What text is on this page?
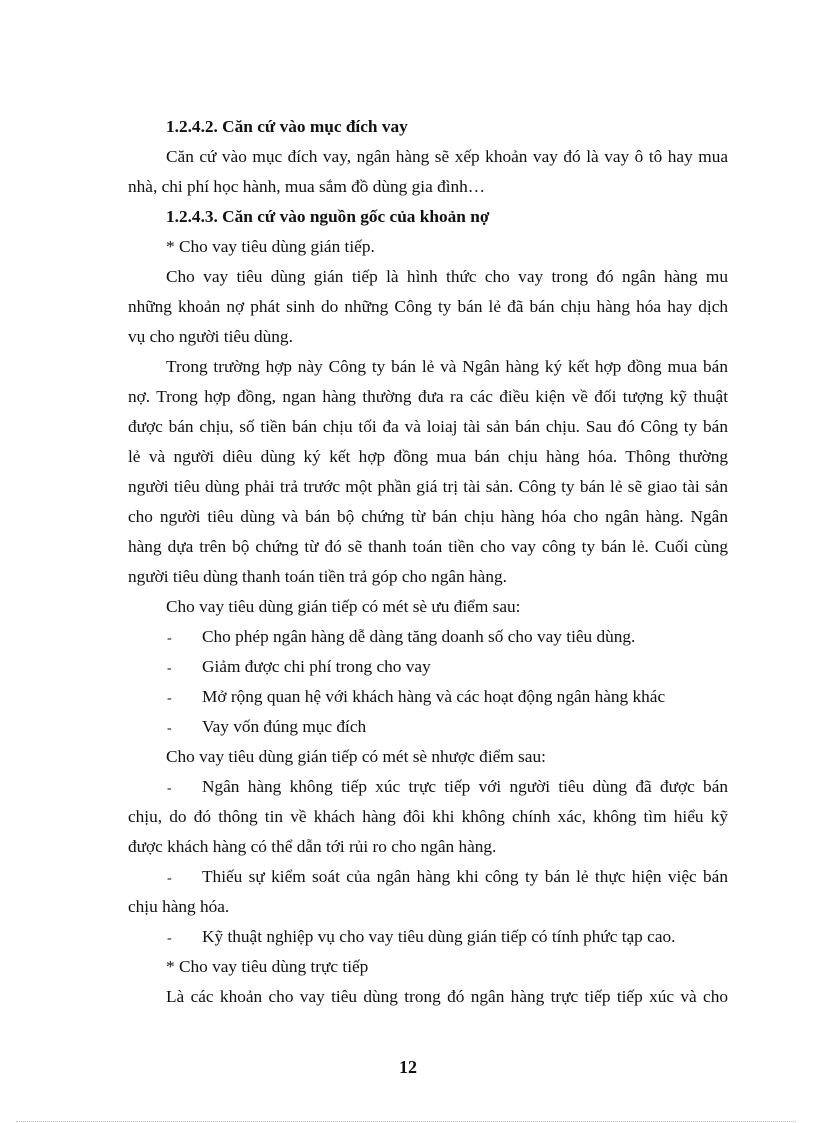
1.2.4.2. Căn cứ vào mục đích vay
Căn cứ vào mục đích vay, ngân hàng sẽ xếp khoản vay đó là vay ô tô hay mua
nhà, chi phí học hành, mua sắm đồ dùng gia đình…
1.2.4.3. Căn cứ vào nguồn gốc của khoản nợ
* Cho vay tiêu dùng gián tiếp.
Cho vay tiêu dùng gián tiếp là hình thức cho vay trong đó ngân hàng mu
những khoản nợ phát sinh do những Công ty bán lẻ đã bán chịu hàng hóa hay dịch
vụ cho người tiêu dùng.
Trong trường hợp này Công ty bán lẻ và Ngân hàng ký kết hợp đồng mua bán
nợ. Trong hợp đồng, ngan hàng thường đưa ra các điều kiện về đối tượng kỹ thuật
được bán chịu, số tiền bán chịu tối đa và loiaj tài sản bán chịu. Sau đó Công ty bán
lẻ và người diêu dùng ký kết hợp đồng mua bán chịu hàng hóa. Thông thường
người tiêu dùng phải trả trước một phần giá trị tài sản. Công ty bán lẻ sẽ giao tài sản
cho người tiêu dùng và bán bộ chứng từ bán chịu hàng hóa cho ngân hàng. Ngân
hàng dựa trên bộ chứng từ đó sẽ thanh toán tiền cho vay công ty bán lẻ. Cuối cùng
người tiêu dùng thanh toán tiền trả góp cho ngân hàng.
Cho vay tiêu dùng gián tiếp có mét sè ưu điểm sau:
- Cho phép ngân hàng dễ dàng tăng doanh số cho vay tiêu dùng.
- Giảm được chi phí trong cho vay
- Mở rộng quan hệ với khách hàng và các hoạt động ngân hàng khác
- Vay vốn đúng mục đích
Cho vay tiêu dùng gián tiếp có mét sè nhược điểm sau:
- Ngân hàng không tiếp xúc trực tiếp với người tiêu dùng đã được bán
chịu, do đó thông tin về khách hàng đôi khi không chính xác, không tìm hiểu kỹ
được khách hàng có thể dẫn tới rủi ro cho ngân hàng.
- Thiếu sự kiểm soát của ngân hàng khi công ty bán lẻ thực hiện việc bán
chịu hàng hóa.
- Kỹ thuật nghiệp vụ cho vay tiêu dùng gián tiếp có tính phức tạp cao.
* Cho vay tiêu dùng trực tiếp
Là các khoản cho vay tiêu dùng trong đó ngân hàng trực tiếp tiếp xúc và cho
12
